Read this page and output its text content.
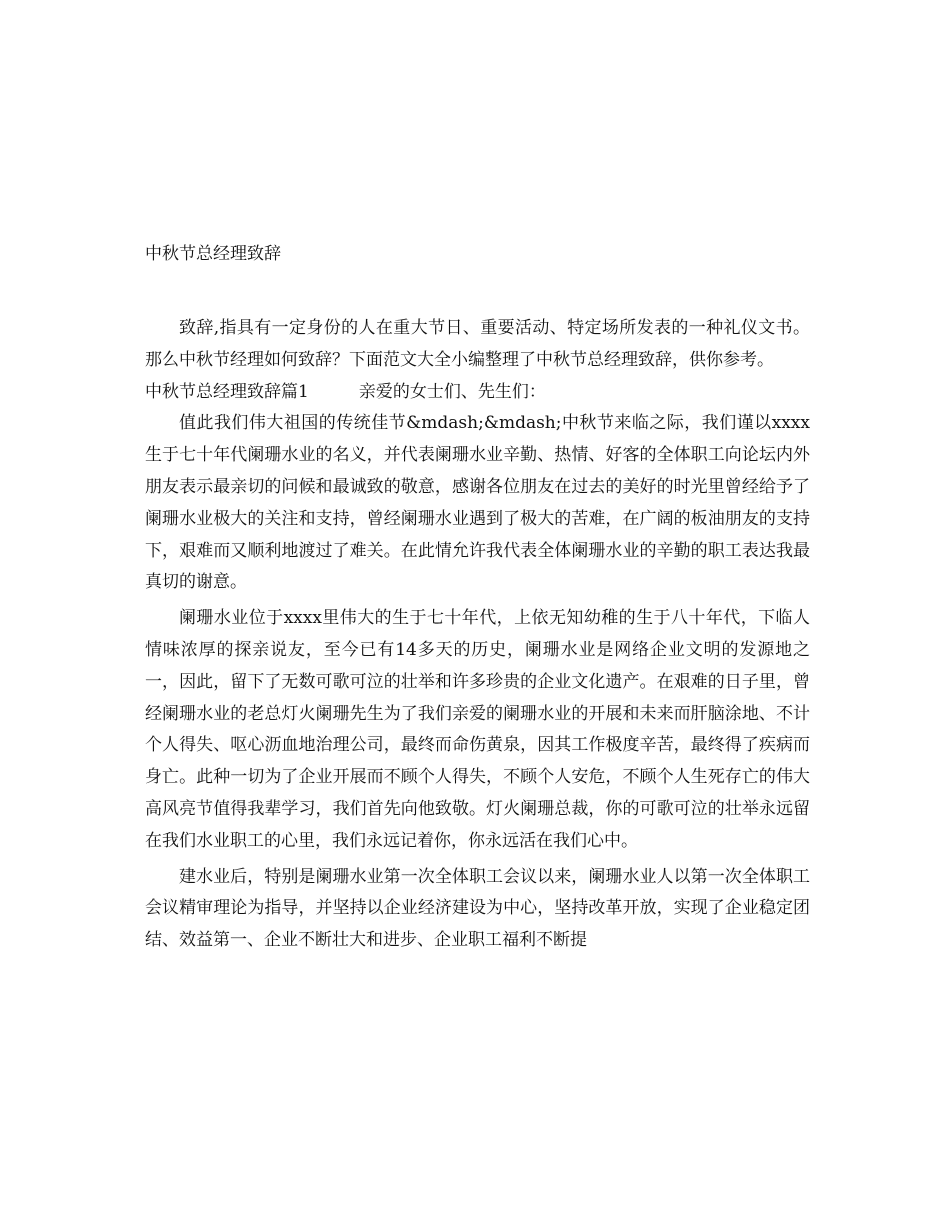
中秋节总经理致辞

致辞,指具有一定身份的人在重大节日、重要活动、特定场所发表的一种礼仪文书。那么中秋节经理如何致辞？下面范文大全小编整理了中秋节总经理致辞，供你参考。

中秋节总经理致辞篇1	亲爱的女士们、先生们：

值此我们伟大祖国的传统佳节&mdash;&mdash;中秋节来临之际，我们谨以xxxx生于七十年代阑珊水业的名义，并代表阑珊水业辛勤、热情、好客的全体职工向论坛内外朋友表示最亲切的问候和最诚致的敬意，感谢各位朋友在过去的美好的时光里曾经给予了阑珊水业极大的关注和支持，曾经阑珊水业遇到了极大的苦难，在广阔的板油朋友的支持下，艰难而又顺利地渡过了难关。在此情允许我代表全体阑珊水业的辛勤的职工表达我最真切的谢意。

阑珊水业位于xxxx里伟大的生于七十年代，上依无知幼稚的生于八十年代，下临人情味浓厚的探亲说友，至今已有14多天的历史，阑珊水业是网络企业文明的发源地之一，因此，留下了无数可歌可泣的壮举和许多珍贵的企业文化遗产。在艰难的日子里，曾经阑珊水业的老总灯火阑珊先生为了我们亲爱的阑珊水业的开展和未来而肝脑涂地、不计个人得失、呕心沥血地治理公司，最终而命伤黄泉，因其工作极度辛苦，最终得了疾病而身亡。此种一切为了企业开展而不顾个人得失，不顾个人安危，不顾个人生死存亡的伟大高风亮节值得我辈学习，我们首先向他致敬。灯火阑珊总裁，你的可歌可泣的壮举永远留在我们水业职工的心里，我们永远记着你，你永远活在我们心中。

建水业后，特别是阑珊水业第一次全体职工会议以来，阑珊水业人以第一次全体职工会议精审理论为指导，并坚持以企业经济建设为中心，坚持改革开放，实现了企业稳定团结、效益第一、企业不断壮大和进步、企业职工福利不断提
